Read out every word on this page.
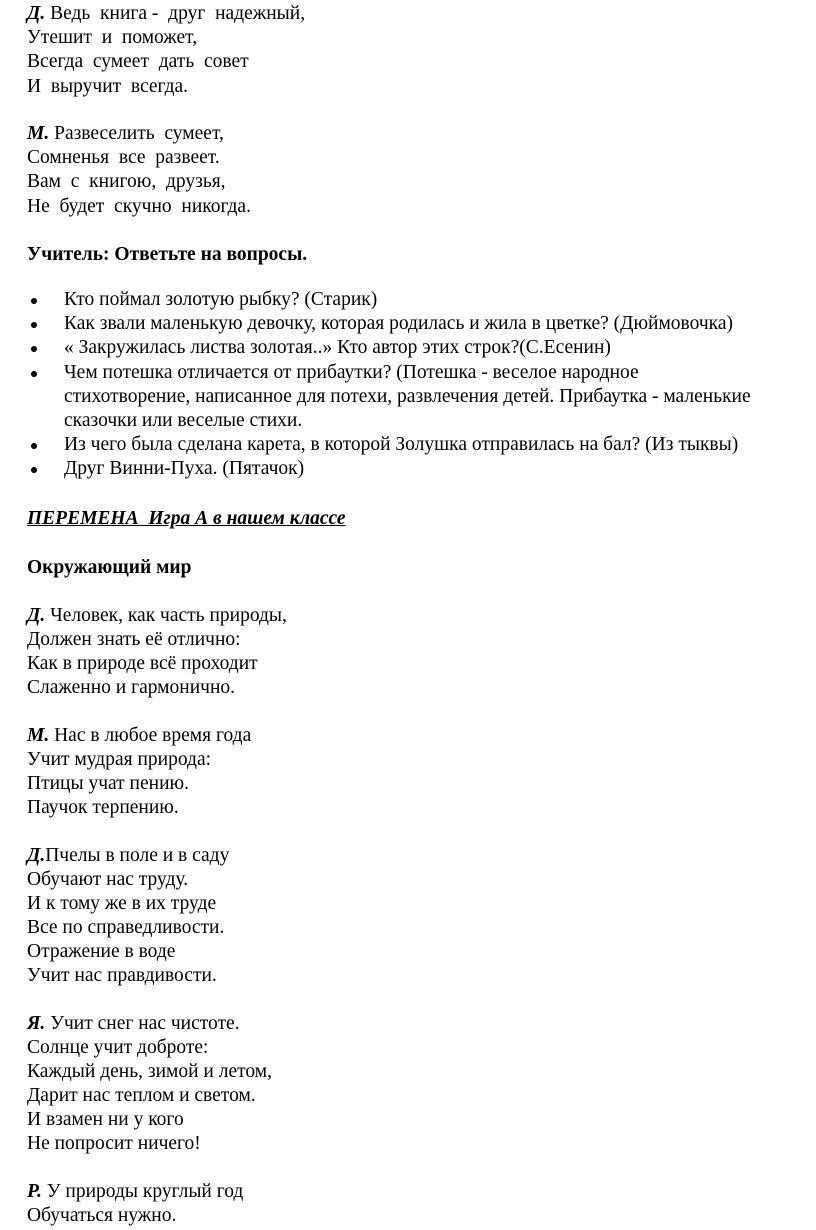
Д. Ведь  книга -  друг  надежный,
Утешит  и  поможет,
Всегда  сумеет  дать  совет
И  выручит  всегда.
М. Развеселить  сумеет,
Сомненья  все  развеет.
Вам  с  книгою,  друзья,
Не  будет  скучно  никогда.
Учитель: Ответьте на вопросы.
Кто поймал золотую рыбку? (Старик)
Как звали маленькую девочку, которая родилась и жила в цветке? (Дюймовочка)
« Закружилась листва золотая..» Кто автор этих строк?(С.Есенин)
Чем потешка отличается от прибаутки? (Потешка - веселое народное
стихотворение, написанное для потехи, развлечения детей. Прибаутка - маленькие
сказочки или веселые стихи.
Из чего была сделана карета, в которой Золушка отправилась на бал? (Из тыквы)
Друг Винни-Пуха. (Пятачок)
ПЕРЕМЕНА  Игра А в нашем классе
Окружающий мир
Д. Человек, как часть природы,
Должен знать её отлично:
Как в природе всё проходит
Слаженно и гармонично.
М. Нас в любое время года
Учит мудрая природа:
Птицы учат пению.
Паучок терпению.
Д.Пчелы в поле и в саду
Обучают нас труду.
И к тому же в их труде
Все по справедливости.
Отражение в воде
Учит нас правдивости.
Я. Учит снег нас чистоте.
Солнце учит доброте:
Каждый день, зимой и летом,
Дарит нас теплом и светом.
И взамен ни у кого
Не попросит ничего!
Р. У природы круглый год
Обучаться нужно.
